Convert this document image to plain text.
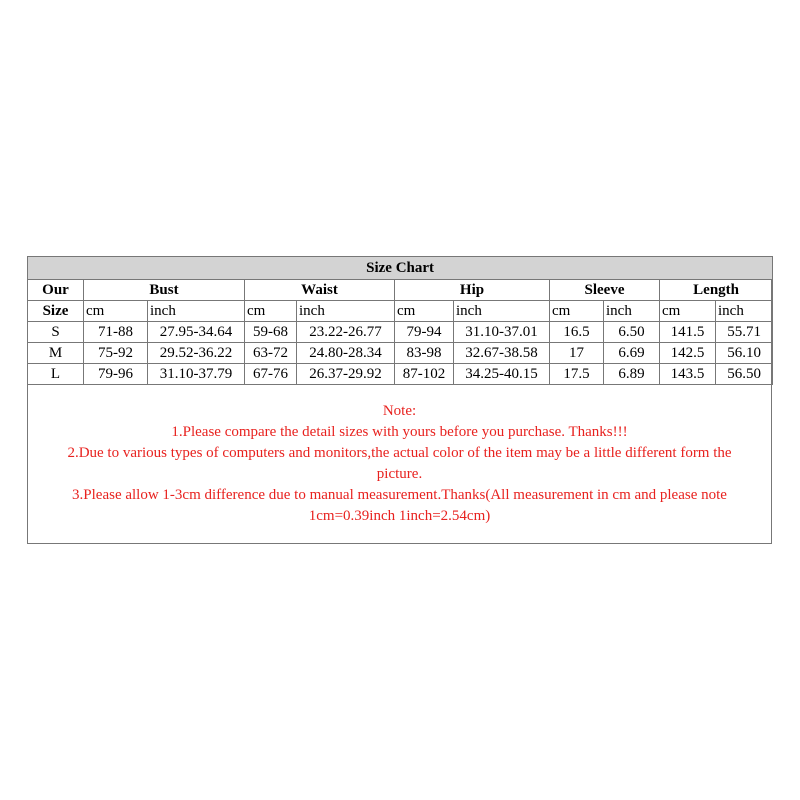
Size Chart										
Our	Bust		Waist		Hip		Sleeve		Length	
Size	cm	inch	cm	inch	cm	inch	cm	inch	cm	inch
S	71-88	27.95-34.64	59-68	23.22-26.77	79-94	31.10-37.01	16.5	6.50	141.5	55.71
M	75-92	29.52-36.22	63-72	24.80-28.34	83-98	32.67-38.58	17	6.69	142.5	56.10
L	79-96	31.10-37.79	67-76	26.37-29.92	87-102	34.25-40.15	17.5	6.89	143.5	56.50
Note:
1.Please compare the detail sizes with yours before you purchase. Thanks!!!
2.Due to various types of computers and monitors,the actual color of the item may be a little different form the
picture.
3.Please allow 1-3cm difference due to manual measurement.Thanks(All measurement in cm and please note
1cm=0.39inch 1inch=2.54cm)
